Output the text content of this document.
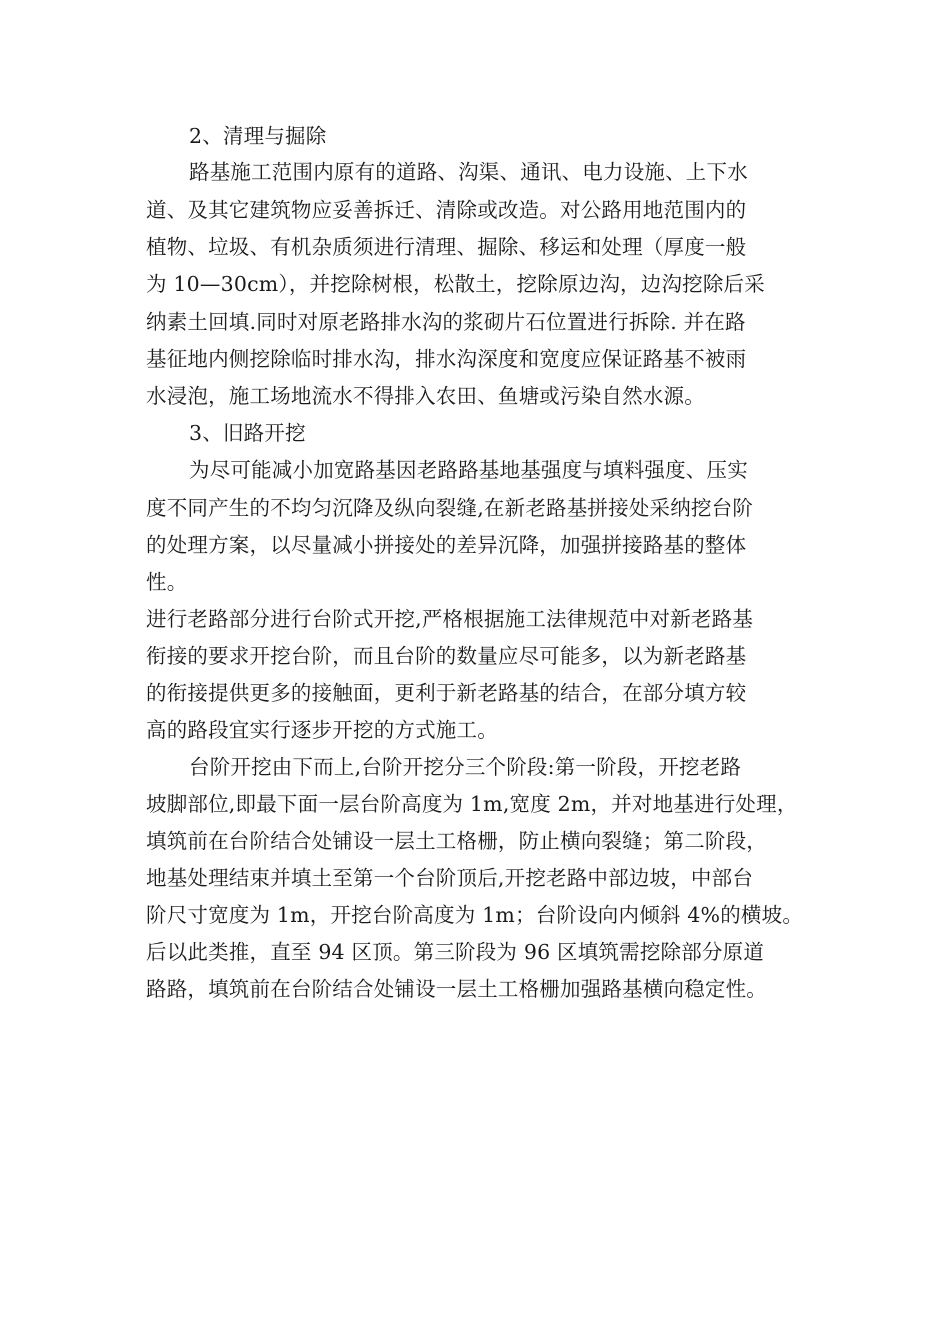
2、清理与掘除
路基施工范围内原有的道路、沟渠、通讯、电力设施、上下水
道、及其它建筑物应妥善拆迁、清除或改造。对公路用地范围内的
植物、垃圾、有机杂质须进行清理、掘除、移运和处理（厚度一般
为 10—30cm），并挖除树根，松散土，挖除原边沟，边沟挖除后采
纳素土回填.同时对原老路排水沟的浆砌片石位置进行拆除. 并在路
基征地内侧挖除临时排水沟，排水沟深度和宽度应保证路基不被雨
水浸泡，施工场地流水不得排入农田、鱼塘或污染自然水源。
3、旧路开挖
为尽可能减小加宽路基因老路路基地基强度与填料强度、压实
度不同产生的不均匀沉降及纵向裂缝,在新老路基拼接处采纳挖台阶
的处理方案，以尽量减小拼接处的差异沉降，加强拼接路基的整体
性。
进行老路部分进行台阶式开挖,严格根据施工法律规范中对新老路基
衔接的要求开挖台阶，而且台阶的数量应尽可能多，以为新老路基
的衔接提供更多的接触面，更利于新老路基的结合，在部分填方较
高的路段宜实行逐步开挖的方式施工。
台阶开挖由下而上,台阶开挖分三个阶段:第一阶段，开挖老路
坡脚部位,即最下面一层台阶高度为 1m,宽度 2m，并对地基进行处理，
填筑前在台阶结合处铺设一层土工格栅，防止横向裂缝；第二阶段，
地基处理结束并填土至第一个台阶顶后,开挖老路中部边坡，中部台
阶尺寸宽度为 1m，开挖台阶高度为 1m；台阶设向内倾斜 4%的横坡。
后以此类推，直至 94 区顶。第三阶段为 96 区填筑需挖除部分原道
路路，填筑前在台阶结合处铺设一层土工格栅加强路基横向稳定性。
